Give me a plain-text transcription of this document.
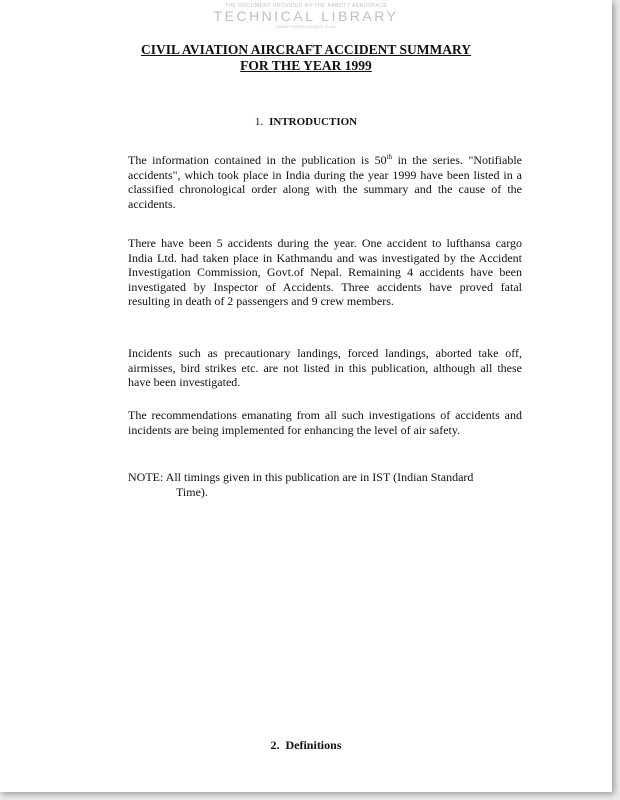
THE DOCUMENT PROVIDED BY THE ABBOTT AEROSPACE
TECHNICAL LIBRARY
ABBOTTAEROSPACE.COM
CIVIL AVIATION AIRCRAFT ACCIDENT SUMMARY
FOR THE YEAR 1999
1. INTRODUCTION

The information contained in the publication is 50th in the series. "Notifiable accidents", which took place in India during the year 1999 have been listed in a classified chronological order along with the summary and the cause of the accidents.

There have been 5 accidents during the year. One accident to lufthansa cargo India Ltd. had taken place in Kathmandu and was investigated by the Accident Investigation Commission, Govt.of Nepal. Remaining 4 accidents have been investigated by Inspector of Accidents. Three accidents have proved fatal resulting in death of 2 passengers and 9 crew members.

Incidents such as precautionary landings, forced landings, aborted take off, airmisses, bird strikes etc. are not listed in this publication, although all these have been investigated.

The recommendations emanating from all such investigations of accidents and incidents are being implemented for enhancing the level of air safety.

NOTE: All timings given in this publication are in IST (Indian Standard
Time).
2. Definitions
